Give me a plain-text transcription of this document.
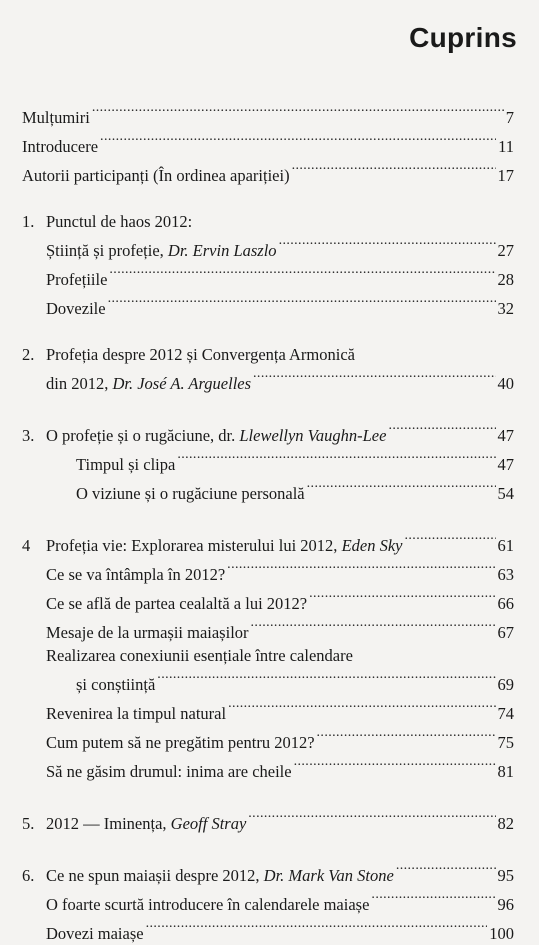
Cuprins
Mulțumiri .....	7
Introducere .....	11
Autorii participanți (În ordinea apariției) .....	17
1. Punctul de haos 2012:
Știință și profeție, Dr. Ervin Laszlo .....	27
Profețiile .....	28
Dovezile .....	32
2. Profeția despre 2012 și Convergența Armonică
din 2012, Dr. José A. Arguelles .....	40
3. O profeție și o rugăciune, dr. Llewellyn Vaughn-Lee .....	47
Timpul și clipa .....	47
O viziune și o rugăciune personală .....	54
4 Profeția vie: Explorarea misterului lui 2012, Eden Sky .....	61
Ce se va întâmpla în 2012? .....	63
Ce se află de partea cealaltă a lui 2012? .....	66
Mesaje de la urmașii maiașilor .....	67
Realizarea conexiunii esențiale între calendare
și conștiință .....	69
Revenirea la timpul natural .....	74
Cum putem să ne pregătim pentru 2012? .....	75
Să ne găsim drumul: inima are cheile .....	81
5. 2012 — Iminența, Geoff Stray .....	82
6. Ce ne spun maiașii despre 2012, Dr. Mark Van Stone .....	95
O foarte scurtă introducere în calendarele maiașe .....	96
Dovezi maiașe .....	100
